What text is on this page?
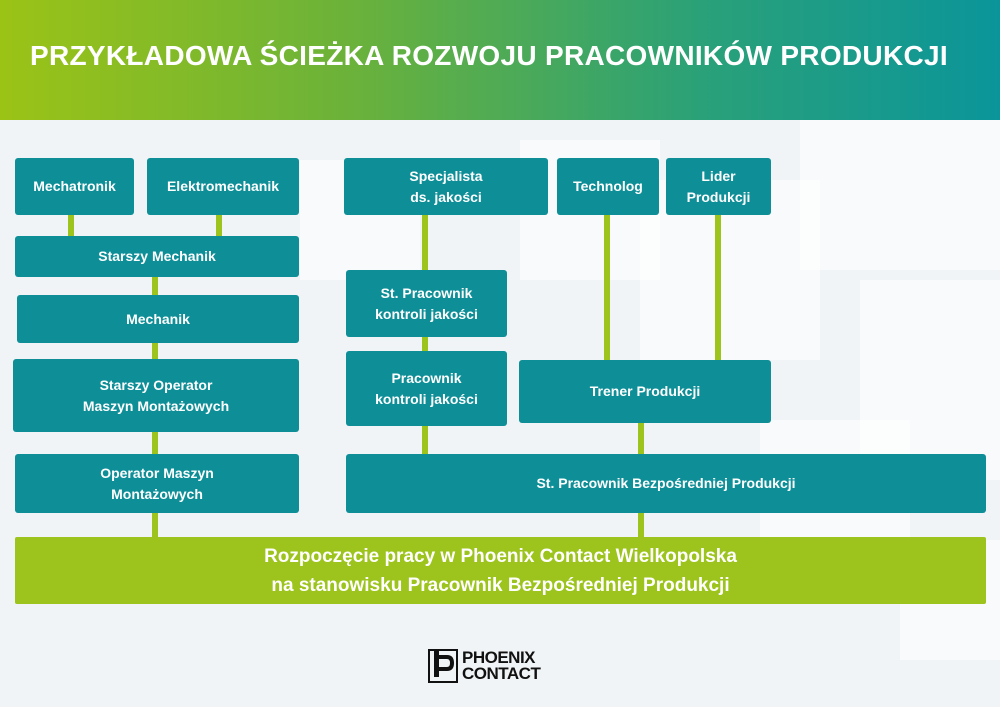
PRZYKŁADOWA ŚCIEŻKA ROZWOJU PRACOWNIKÓW PRODUKCJI
Mechatronik	Elektromechanik
Starszy Mechanik
Mechanik
Starszy Operator
Maszyn Montażowych
Operator Maszyn
Montażowych
Specjalista
ds. jakości
St. Pracownik
kontroli jakości
Pracownik
kontroli jakości
Technolog
Lider
Produkcji
Trener Produkcji
St. Pracownik Bezpośredniej Produkcji
Rozpoczęcie pracy w Phoenix Contact Wielkopolska
na stanowisku Pracownik Bezpośredniej Produkcji
PHOENIX
CONTACT
